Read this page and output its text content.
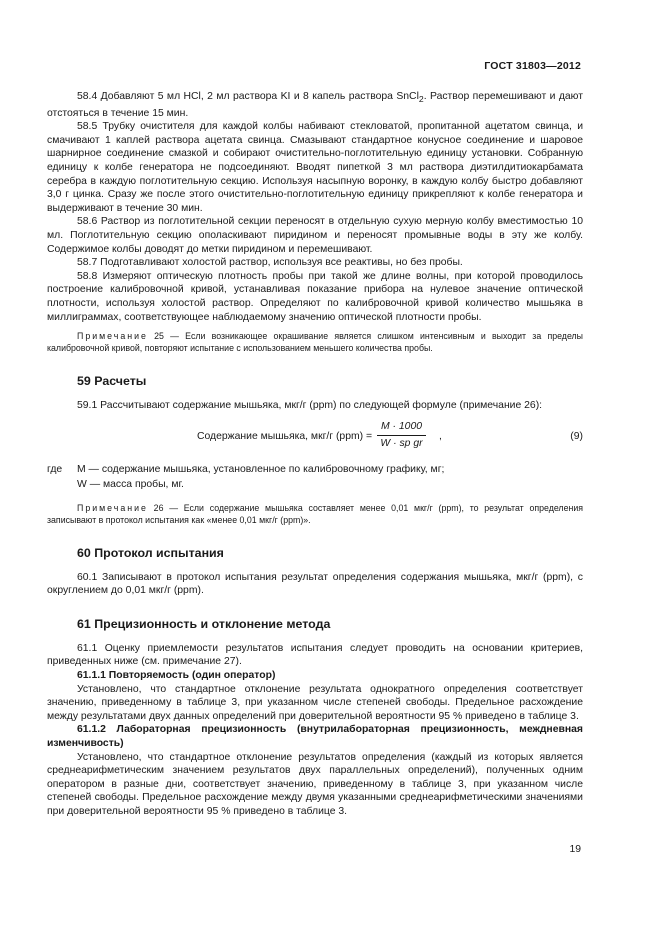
ГОСТ 31803—2012

58.4 Добавляют 5 мл HCl, 2 мл раствора KI и 8 капель раствора SnCl$_2$. Раствор перемешивают и дают отстояться в течение 15 мин.

58.5 Трубку очистителя для каждой колбы набивают стекловатой, пропитанной ацетатом свинца, и смачивают 1 каплей раствора ацетата свинца. Смазывают стандартное конусное соединение и шаровое шарнирное соединение смазкой и собирают очистительно-поглотительную единицу установки. Собранную единицу к колбе генератора не подсоединяют. Вводят пипеткой 3 мл раствора диэтилдитиокарбамата серебра в каждую поглотительную секцию. Используя насыпную воронку, в каждую колбу быстро добавляют 3,0 г цинка. Сразу же после этого очистительно-поглотительную единицу прикрепляют к колбе генератора и выдерживают в течение 30 мин.

58.6 Раствор из поглотительной секции переносят в отдельную сухую мерную колбу вместимостью 10 мл. Поглотительную секцию ополаскивают пиридином и переносят промывные воды в эту же колбу. Содержимое колбы доводят до метки пиридином и перемешивают.

58.7 Подготавливают холостой раствор, используя все реактивы, но без пробы.

58.8 Измеряют оптическую плотность пробы при такой же длине волны, при которой проводилось построение калибровочной кривой, устанавливая показание прибора на нулевое значение оптической плотности, используя холостой раствор. Определяют по калибровочной кривой количество мышьяка в миллиграммах, соответствующее наблюдаемому значению оптической плотности пробы.

Примечание 25 — Если возникающее окрашивание является слишком интенсивным и выходит за пределы калибровочной кривой, повторяют испытание с использованием меньшего количества пробы.

59 Расчеты

59.1 Рассчитывают содержание мышьяка, мкг/г (ppm) по следующей формуле (примечание 26):

Содержание мышьяка, мкг/г $(ppm) = \frac{M \cdot 1000}{\text{W · sp gr}}$ ,	(9)
где	M — содержание мышьяка, установленное по калибровочному графику, мг;
W — масса пробы, мг.

Примечание 26 — Если содержание мышьяка составляет менее 0,01 мкг/г (ppm), то результат определения записывают в протокол испытания как «менее 0,01 мкг/г (ppm)».

60 Протокол испытания

60.1 Записывают в протокол испытания результат определения содержания мышьяка, мкг/г (ppm), с округлением до 0,01 мкг/г (ppm).

61 Прецизионность и отклонение метода

61.1 Оценку приемлемости результатов испытания следует проводить на основании критериев, приведенных ниже (см. примечание 27).

61.1.1 Повторяемость (один оператор)

Установлено, что стандартное отклонение результата однократного определения соответствует значению, приведенному в таблице 3, при указанном числе степеней свободы. Предельное расхождение между результатами двух данных определений при доверительной вероятности 95 % приведено в таблице 3.

61.1.2 Лабораторная прецизионность (внутрилабораторная прецизионность, междневная изменчивость)

Установлено, что стандартное отклонение результатов определения (каждый из которых является среднеарифметическим значением результатов двух параллельных определений), полученных одним оператором в разные дни, соответствует значению, приведенному в таблице 3, при указанном числе степеней свободы. Предельное расхождение между двумя указанными среднеарифметическими значениями при доверительной вероятности 95 % приведено в таблице 3.

19
